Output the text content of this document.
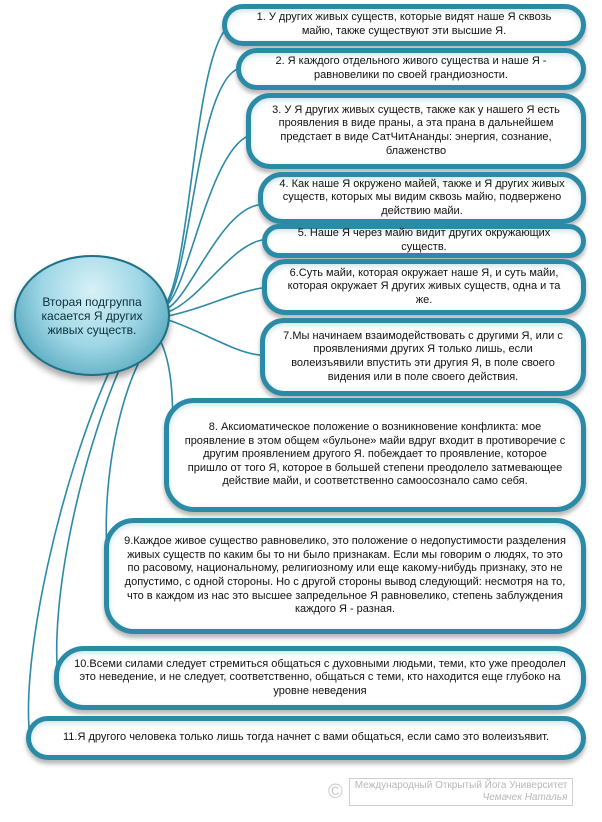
Вторая подгруппа касается Я других живых существ.
1. У других живых существ, которые видят наше Я сквозь майю, также существуют эти высшие Я.
2. Я каждого отдельного живого существа и наше Я - равновелики по своей грандиозности.
3. У Я других живых существ, также как у нашего Я есть проявления в виде праны, а эта прана в дальнейшем предстает в виде СатЧитАнанды: энергия, сознание, блаженство
4. Как наше Я окружено майей, также и Я других живых существ, которых мы видим сквозь майю, подвержено действию майи.
5. Наше Я через майю видит других окружающих существ.
6.Суть майи, которая окружает наше Я, и суть майи, которая окружает Я других живых существ, одна и та же.
7.Мы начинаем взаимодействовать с другими Я, или с проявлениями других Я только лишь, если волеизъявили впустить эти другия Я, в поле своего видения или в поле своего действия.
8. Аксиоматическое положение о возникновение конфликта: мое проявление в этом общем «бульоне» майи вдруг входит в противоречие с другим проявлением другого Я. побеждает то проявление, которое пришло от того Я, которое в большей степени преодолело затмевающее действие майи, и соответственно самоосознало само себя.
9.Каждое живое существо равновелико, это положение о недопустимости разделения живых существ по каким бы то ни было признакам. Если мы говорим о людях, то это по расовому, национальному, религиозному или еще какому-нибудь признаку, это не допустимо, с одной стороны. Но с другой стороны вывод следующий: несмотря на то, что в каждом из нас это высшее запредельное Я равновелико, степень заблуждения каждого Я - разная.
10.Всеми силами следует стремиться общаться с духовными людьми, теми, кто уже преодолел это неведение, и не следует, соответственно, общаться с теми, кто находится еще глубоко на уровне неведения
11.Я другого человека только лишь тогда начнет с вами общаться, если само это волеизъявит.
© Международный Открытый Йога Университет
Чемачек Наталья
